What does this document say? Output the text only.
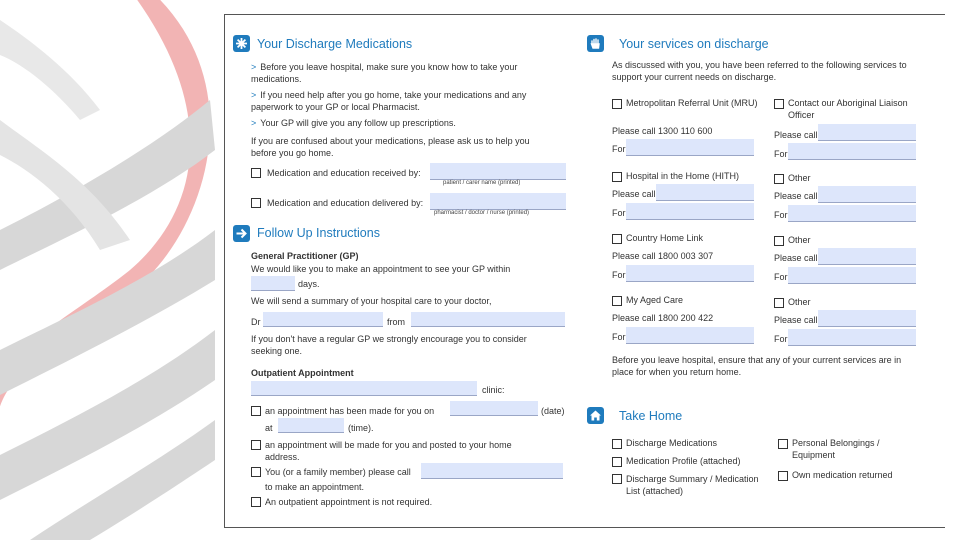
Your Discharge Medications
> Before you leave hospital, make sure you know how to take your medications.
> If you need help after you go home, take your medications and any paperwork to your GP or local Pharmacist.
> Your GP will give you any follow up prescriptions.
If you are confused about your medications, please ask us to help you before you go home.
Medication and education received by:
patient / carer name (printed)
Medication and education delivered by:
pharmacist / doctor / nurse (printed)
Follow Up Instructions
General Practitioner (GP)
We would like you to make an appointment to see your GP within
days.
We will send a summary of your hospital care to your doctor,
Dr	from
If you don't have a regular GP we strongly encourage you to consider seeking one.
Outpatient Appointment
clinic:
an appointment has been made for you on	(date)
at	(time).
an appointment will be made for you and posted to your home address.
You (or a family member) please call
to make an appointment.
An outpatient appointment is not required.
Your services on discharge
As discussed with you, you have been referred to the following services to support your current needs on discharge.
Metropolitan Referral Unit (MRU)
Please call 1300 110 600
For
Hospital in the Home (HITH)
Please call
For
Country Home Link
Please call 1800 003 307
For
My Aged Care
Please call 1800 200 422
For
Contact our Aboriginal Liaison Officer
Please call
For
Other
Please call
For
Other
Please call
For
Other
Please call
For
Before you leave hospital, ensure that any of your current services are in place for when you return home.
Take Home
Discharge Medications
Medication Profile (attached)
Discharge Summary / Medication List (attached)
Personal Belongings / Equipment
Own medication returned
